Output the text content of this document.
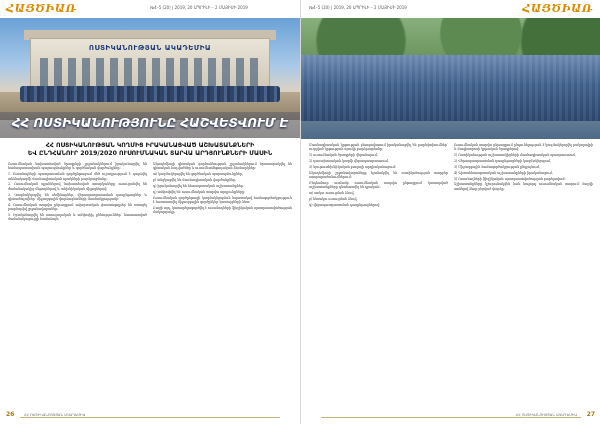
ՀԱՅԾԻԱՌ	№4–5 (20) | 2019, 20 ԱՊՐԻԼԻ – 2 ՄԱՅԻՍԻ 2019
ՈՍՏԻԿԱՆՈՒԹՅԱՆ ԱԿԱԴԵՄԻԱ
ՀՀ ՈՍՏԻԿԱՆՈՒԹՅՈՒՆԸ ՀԱՇՎԵՏՎՈՒՄ Է
ՀՀ ՈՍՏԻԿԱՆՈՒԹՅԱՆ ԿՈՂՄԻՑ ԻՐԱԿԱՆԱՑՎԱԾ ԱՇԽԱՏԱՆՔՆԵՐԻ
ԵՎ ԸՆԴՀԱՆՈՒՐ 2019/2020 ՈՒՍՈՒՄՆԱԿԱՆ ՏԱՐՎԱ ԱՐԴՅՈՒՆՔՆԵՐԻ ՄԱՍԻՆ

Ուսումնական նախատեսված ծրագրերի շրջանակներում իրականացվել են համապատասխան պարապմունքներ և գործնական վարժանքներ։

1. Ուսանողների պատրաստման գործընթացում մեծ ուշադրություն է դարձվել անձնակազմի մասնագիտական որակների բարձրացմանը։

2. Ուսումնական պլաններով նախատեսված առարկաները ուսուցանվել են ժամանակակից մեթոդներով և տեխնիկական միջոցներով։

3. Կազմակերպվել են սեմինարներ, վերապատրաստման դասընթացներ և գիտաժողովներ՝ միջազգային փորձագետների մասնակցությամբ։

4. Ուսումնական տարվա ընթացքում ավարտական փաստաթղթեր են ստացել բազմաթիվ շրջանավարտներ։

5. Իրականացվել են ստուգողական և ամփոփիչ քննություններ՝ հաստատված ժամանակացույցի համաձայն։

Ակադեմիայի գիտական գործունեության շրջանակներում հրատարակվել են գիտական հոդվածներ և ուսումնամեթոդական ձեռնարկներ։

ա) կազմակերպվել են գործնական պարապմունքներ,

բ) անցկացվել են մասնագիտական վարժանքներ,

գ) իրականացվել են հետազոտական աշխատանքներ,

դ) ամփոփվել են ուսումնական տարվա արդյունքները։

Ուսումնական գործընթացի կազմակերպման նպատակով համագործակցություն է հաստատվել միջազգային գործընկեր կառույցների հետ։

Բացի այդ, կատարելագործվել է ուսանողների ֆիզիկական պատրաստվածության մակարդակը։

26	ՀՀ ՈՍՏԻԿԱՆՈՒԹՅԱՆ ԱԿԱԴԵՄԻԱ
№4–5 (20) | 2019, 20 ԱՊՐԻԼԻ – 2 ՄԱՅԻՍԻ 2019	ՀԱՅԾԻԱՌ

Մասնագիտական կրթության բնագավառում իրականացվել են բարեփոխումներ՝ ուղղված կրթության որակի բարձրացմանը։

1) ուսումնական ծրագրերի վերանայում,

2) դասախոսական կազմի վերապատրաստում,

3) նյութատեխնիկական բազայի արդիականացում։

Ակադեմիայի շրջանավարտները նշանակվել են ոստիկանության տարբեր ստորաբաժանումներում։

Ընդհանուր առմամբ ուսումնական տարվա ընթացքում կատարված աշխատանքները գնահատվել են դրական։

ա) առկա ուսուցման ձևով,

բ) հեռակա ուսուցման ձևով,

գ) վերապատրաստման դասընթացներով։

Ուսումնական տարվա ընթացքում ընդունելություն է կազմակերպվել բակալավրի և մագիստրոսի կրթական ծրագրերով։

1) Ոստիկանության աշխատակիցների մասնագիտական պատրաստում,

2) Վերապատրաստման դասընթացների կազմակերպում,

3) Միջազգային համագործակցության ընդլայնում,

4) Գիտահետազոտական աշխատանքների իրականացում,

5) Ուսանողների ֆիզիկական պատրաստվածության բարելավում։

Աշխատանքները կշարունակվեն նաև հաջորդ ուսումնական տարում՝ հաշվի առնելով ձեռք բերված փորձը։

ՀՀ ՈՍՏԻԿԱՆՈՒԹՅԱՆ ԱԿԱԴԵՄԻԱ 27
